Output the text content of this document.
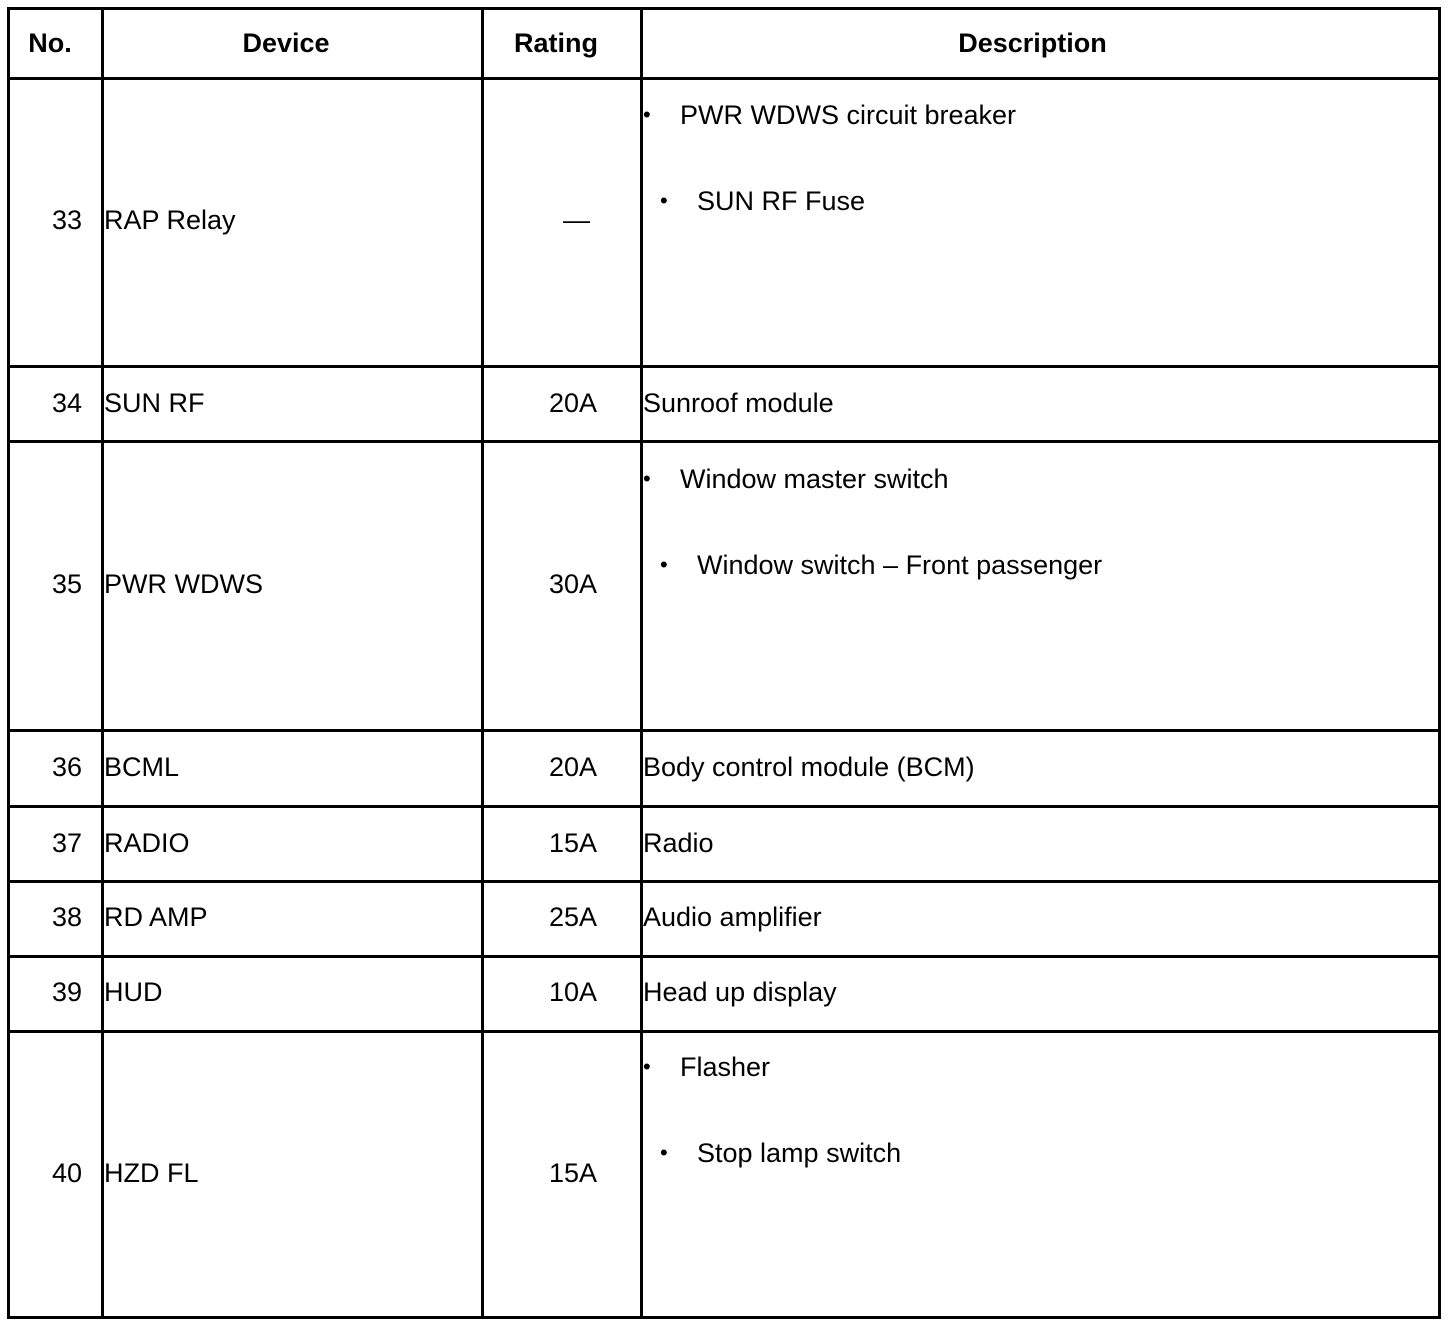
No.	Device	Rating	Description
33 RAP Relay	—
• PWR WDWS circuit breaker
• SUN RF Fuse
34 SUN RF	20A Sunroof module
35 PWR WDWS	30A
• Window master switch
• Window switch – Front passenger
36 BCML	20A Body control module (BCM)
37 RADIO	15A Radio
38 RD AMP	25A Audio amplifier
39 HUD	10A Head up display
40 HZD FL	15A
• Flasher
• Stop lamp switch
